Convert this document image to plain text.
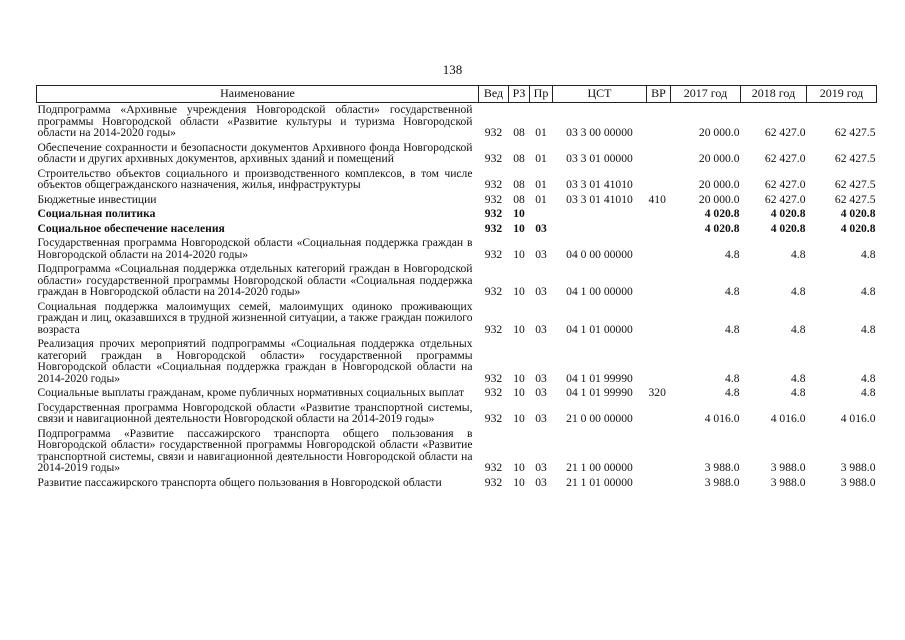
138
Наименование	Вед	РЗ	Пр	ЦСТ	ВР	2017 год	2018 год	2019 год
Подпрограмма «Архивные учреждения Новгородской области» государственной программы Новгородской области «Развитие культуры и туризма Новгородской области на 2014-2020 годы»	932	08	01	03 3 00 00000		20 000.0	62 427.0	62 427.5
Обеспечение сохранности и безопасности документов Архивного фонда Новгородской области и других архивных документов, архивных зданий и помещений	932	08	01	03 3 01 00000		20 000.0	62 427.0	62 427.5
Строительство объектов социального и производственного комплексов, в том числе объектов общегражданского назначения, жилья, инфраструктуры	932	08	01	03 3 01 41010		20 000.0	62 427.0	62 427.5
Бюджетные инвестиции	932	08	01	03 3 01 41010	410	20 000.0	62 427.0	62 427.5
Социальная политика	932	10				4 020.8	4 020.8	4 020.8
Социальное обеспечение населения	932	10	03			4 020.8	4 020.8	4 020.8
Государственная программа Новгородской области «Социальная поддержка граждан в Новгородской области на 2014-2020 годы»	932	10	03	04 0 00 00000		4.8	4.8	4.8
Подпрограмма «Социальная поддержка отдельных категорий граждан в Новгородской области» государственной программы Новгородской области «Социальная поддержка граждан в Новгородской области на 2014-2020 годы»	932	10	03	04 1 00 00000		4.8	4.8	4.8
Социальная поддержка малоимущих семей, малоимущих одиноко проживающих граждан и лиц, оказавшихся в трудной жизненной ситуации, а также граждан пожилого возраста	932	10	03	04 1 01 00000		4.8	4.8	4.8
Реализация прочих мероприятий подпрограммы «Социальная поддержка отдельных категорий граждан в Новгородской области» государственной программы Новгородской области «Социальная поддержка граждан в Новгородской области на 2014-2020 годы»	932	10	03	04 1 01 99990		4.8	4.8	4.8
Социальные выплаты гражданам, кроме публичных нормативных социальных выплат	932	10	03	04 1 01 99990	320	4.8	4.8	4.8
Государственная программа Новгородской области «Развитие транспортной системы, связи и навигационной деятельности Новгородской области на 2014-2019 годы»	932	10	03	21 0 00 00000		4 016.0	4 016.0	4 016.0
Подпрограмма «Развитие пассажирского транспорта общего пользования в Новгородской области» государственной программы Новгородской области «Развитие транспортной системы, связи и навигационной деятельности Новгородской области на 2014-2019 годы»	932	10	03	21 1 00 00000		3 988.0	3 988.0	3 988.0
Развитие пассажирского транспорта общего пользования в Новгородской области	932	10	03	21 1 01 00000		3 988.0	3 988.0	3 988.0
